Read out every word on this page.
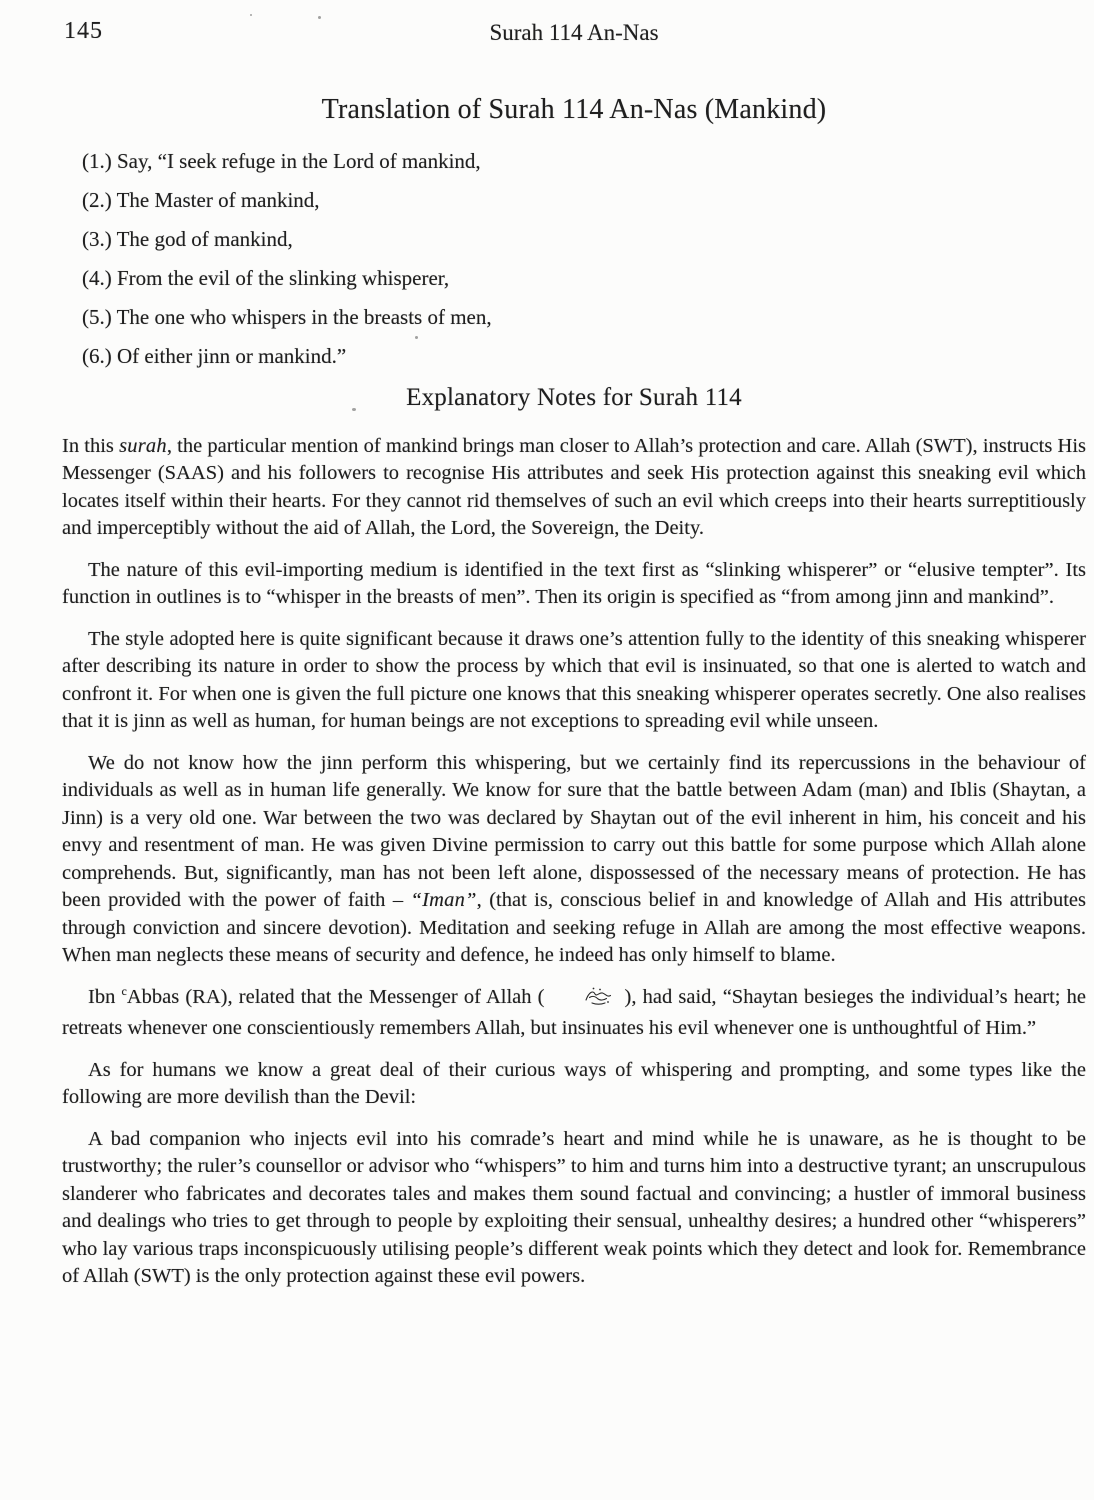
145	Surah 114 An-Nas
Translation of Surah 114 An-Nas (Mankind)

(1.) Say, “I seek refuge in the Lord of mankind,

(2.) The Master of mankind,

(3.) The god of mankind,

(4.) From the evil of the slinking whisperer,

(5.) The one who whispers in the breasts of men,

(6.) Of either jinn or mankind.”

Explanatory Notes for Surah 114

In this surah, the particular mention of mankind brings man closer to Allah’s protection and care. Allah (SWT), instructs His Messenger (SAAS) and his followers to recognise His attributes and seek His protection against this sneaking evil which locates itself within their hearts. For they cannot rid themselves of such an evil which creeps into their hearts surreptitiously and imperceptibly without the aid of Allah, the Lord, the Sovereign, the Deity.

The nature of this evil-importing medium is identified in the text first as “slinking whisperer” or “elusive tempter”. Its function in outlines is to “whisper in the breasts of men”. Then its origin is specified as “from among jinn and mankind”.

The style adopted here is quite significant because it draws one’s attention fully to the identity of this sneaking whisperer after describing its nature in order to show the process by which that evil is insinuated, so that one is alerted to watch and confront it. For when one is given the full picture one knows that this sneaking whisperer operates secretly. One also realises that it is jinn as well as human, for human beings are not exceptions to spreading evil while unseen.

We do not know how the jinn perform this whispering, but we certainly find its repercussions in the behaviour of individuals as well as in human life generally. We know for sure that the battle between Adam (man) and Iblis (Shaytan, a Jinn) is a very old one. War between the two was declared by Shaytan out of the evil inherent in him, his conceit and his envy and resentment of man. He was given Divine permission to carry out this battle for some purpose which Allah alone comprehends. But, significantly, man has not been left alone, dispossessed of the necessary means of protection. He has been provided with the power of faith – “Iman”, (that is, conscious belief in and knowledge of Allah and His attributes through conviction and sincere devotion). Meditation and seeking refuge in Allah are among the most effective weapons. When man neglects these means of security and defence, he indeed has only himself to blame.

Ibn $^c$Abbas (RA), related that the Messenger of Allah (	), had said, “Shaytan besieges the individual’s heart; he retreats whenever one conscientiously remembers Allah, but insinuates his evil whenever one is unthoughtful of Him.”

As for humans we know a great deal of their curious ways of whispering and prompting, and some types like the following are more devilish than the Devil:

A bad companion who injects evil into his comrade’s heart and mind while he is unaware, as he is thought to be trustworthy; the ruler’s counsellor or advisor who “whispers” to him and turns him into a destructive tyrant; an unscrupulous slanderer who fabricates and decorates tales and makes them sound factual and convincing; a hustler of immoral business and dealings who tries to get through to people by exploiting their sensual, unhealthy desires; a hundred other “whisperers” who lay various traps inconspicuously utilising people’s different weak points which they detect and look for. Remembrance of Allah (SWT) is the only protection against these evil powers.
